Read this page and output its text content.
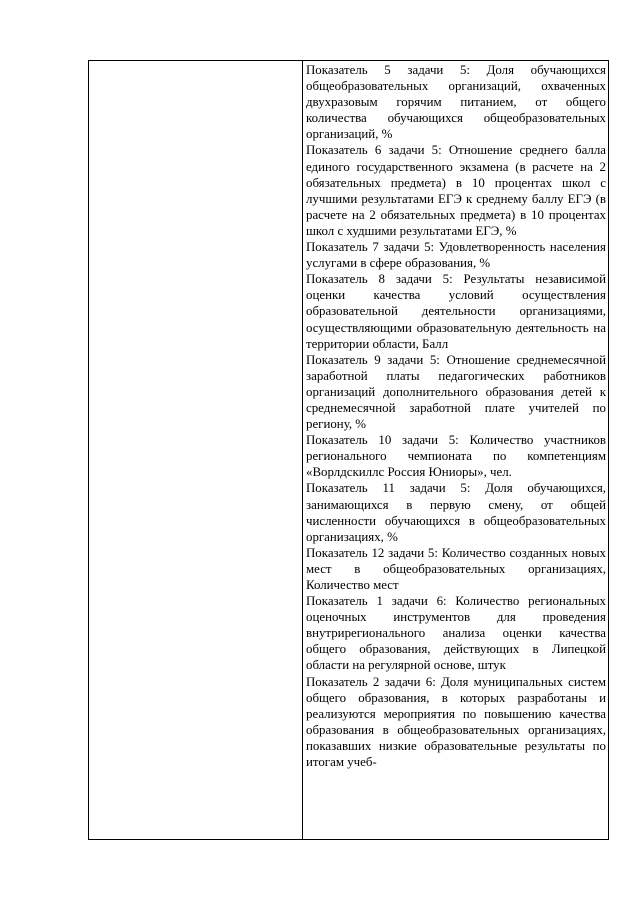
Показатель 5 задачи 5: Доля обучающихся общеобразовательных организаций, охваченных двухразовым горячим питанием, от общего количества обучающихся общеобразовательных организаций, %

Показатель 6 задачи 5: Отношение среднего балла единого государственного экзамена (в расчете на 2 обязательных предмета) в 10 процентах школ с лучшими результатами ЕГЭ к среднему баллу ЕГЭ (в расчете на 2 обязательных предмета) в 10 процентах школ с худшими результатами ЕГЭ, %

Показатель 7 задачи 5: Удовлетворенность населения услугами в сфере образования, %

Показатель 8 задачи 5: Результаты независимой оценки качества условий осуществления образовательной деятельности организациями, осуществляющими образовательную деятельность на территории области, Балл

Показатель 9 задачи 5: Отношение среднемесячной заработной платы педагогических работников организаций дополнительного образования детей к среднемесячной заработной плате учителей по региону, %

Показатель 10 задачи 5: Количество участников регионального чемпионата по компетенциям «Ворлдскиллс Россия Юниоры», чел.

Показатель 11 задачи 5: Доля обучающихся, занимающихся в первую смену, от общей численности обучающихся в общеобразовательных организациях, %

Показатель 12 задачи 5: Количество созданных новых мест в общеобразовательных организациях, Количество мест

Показатель 1 задачи 6: Количество региональных оценочных инструментов для проведения внутрирегионального анализа оценки качества общего образования, действующих в Липецкой области на регулярной основе, штук

Показатель 2 задачи 6: Доля муниципальных систем общего образования, в которых разработаны и реализуются мероприятия по повышению качества образования в общеобразовательных организациях, показавших низкие образовательные результаты по итогам учеб-
